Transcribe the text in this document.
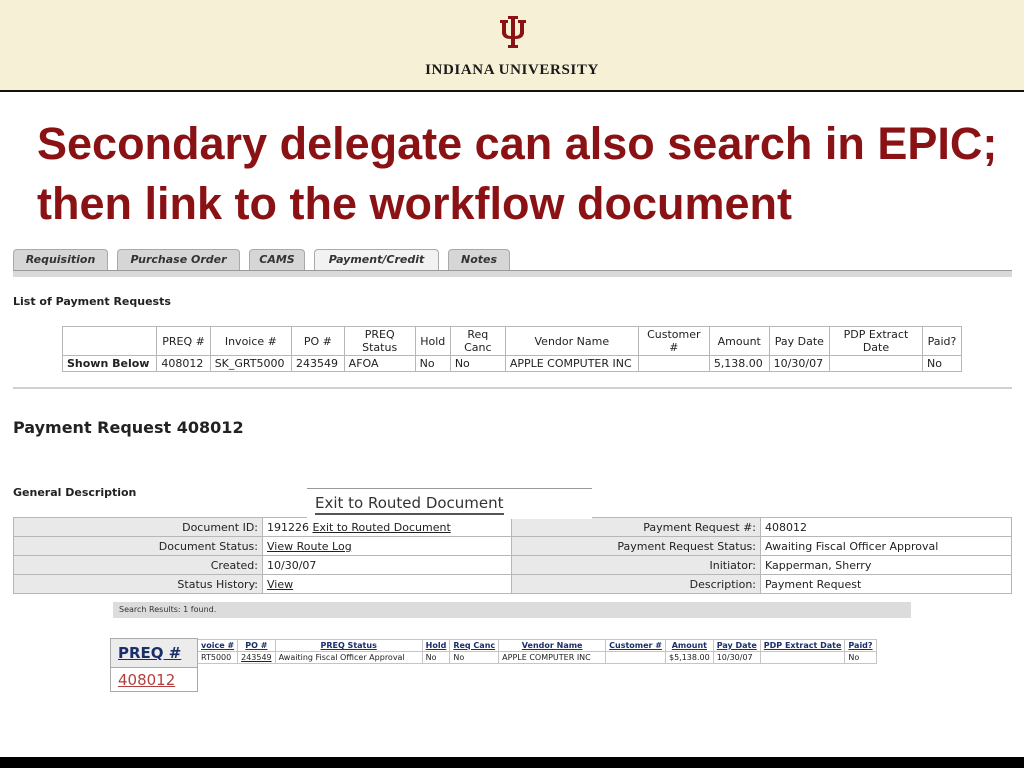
INDIANA UNIVERSITY
Secondary delegate can also search in EPIC; then link to the workflow document
Requisition	Purchase Order	CAMS	Payment/Credit	Notes
List of Payment Requests
	PREQ #	Invoice #	PO #	PREQ Status	Hold	Req Canc	Vendor Name	Customer #	Amount	Pay Date	PDP Extract Date	Paid?
Shown Below	408012	SK_GRT5000	243549	AFOA	No	No	APPLE COMPUTER INC		5,138.00	10/30/07		No
Payment Request 408012
General Description
Document ID:	191226 Exit to Routed Document	Payment Request #:	408012
Document Status:	View Route Log	Payment Request Status:	Awaiting Fiscal Officer Approval
Created:	10/30/07	Initiator:	Kapperman, Sherry
Status History:	View	Description:	Payment Request
Exit to Routed Document
Search Results: 1 found.
voice #	PO #	PREQ Status	Hold	Req Canc	Vendor Name	Customer #	Amount	Pay Date	PDP Extract Date	Paid?
RT5000	243549	Awaiting Fiscal Officer Approval	No	No	APPLE COMPUTER INC		$5,138.00	10/30/07		No
PREQ #
408012
